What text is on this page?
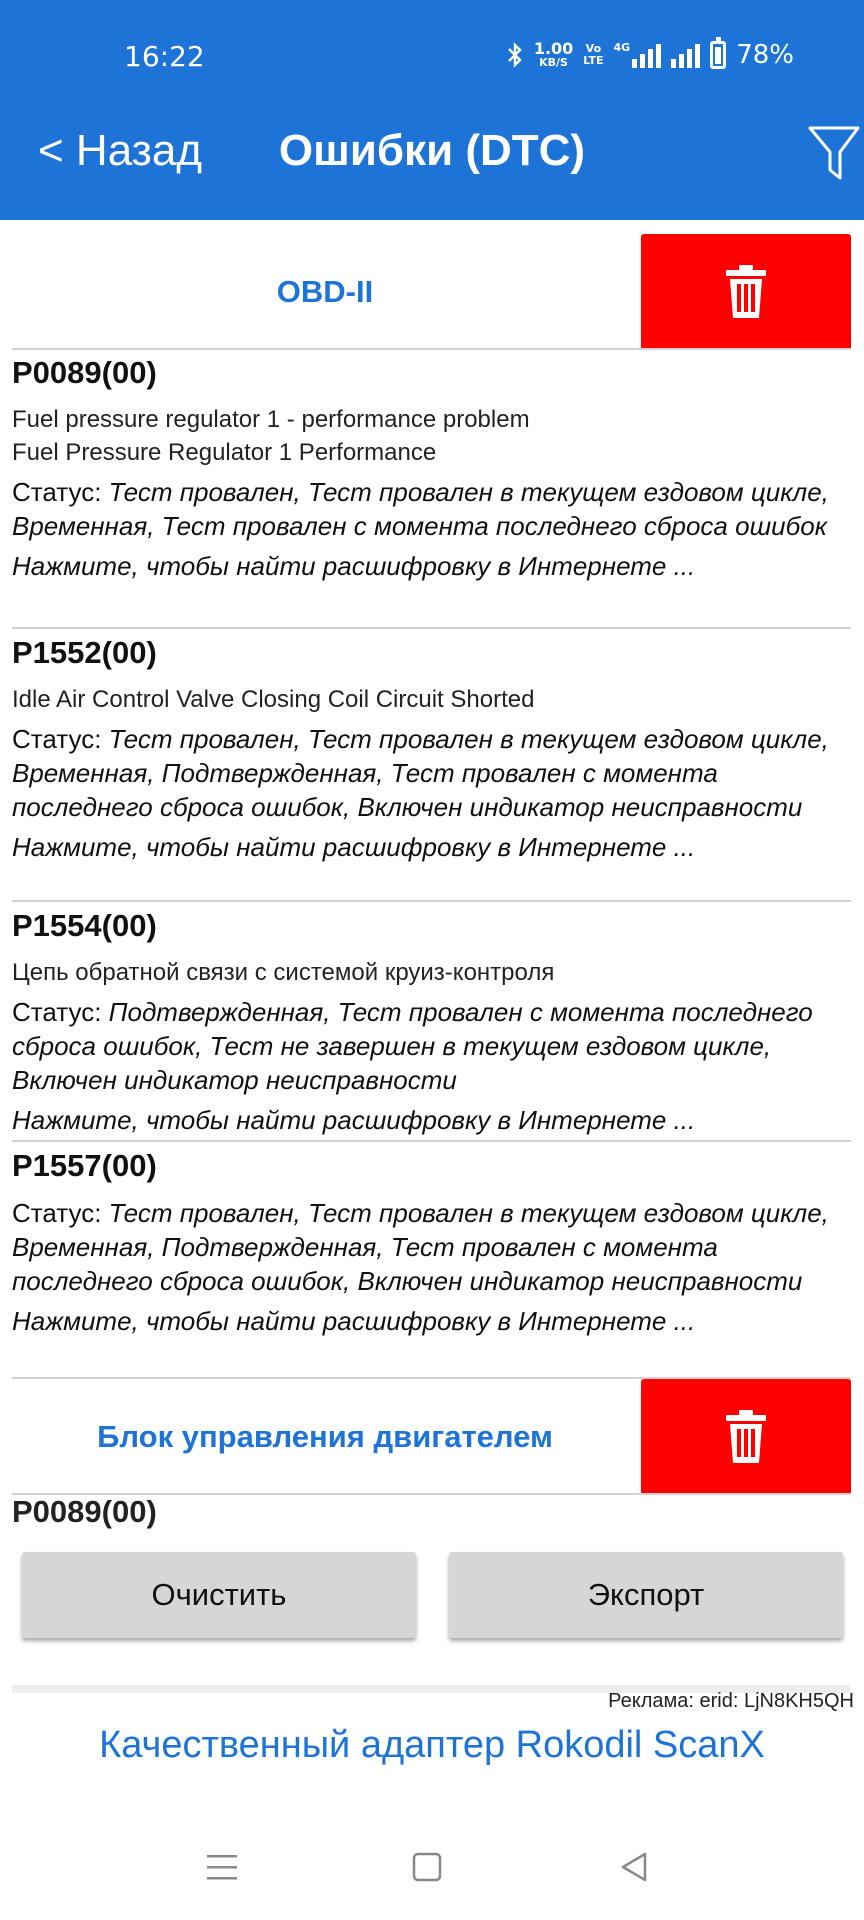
16:22	1.00
KB/S
Vo
LTE
4G	78%
< Назад	Ошибки (DTC)
OBD-II
P0089(00)
Fuel pressure regulator 1 - performance problem
Fuel Pressure Regulator 1 Performance
Статус: Тест провален, Тест провален в текущем ездовом цикле, Временная, Тест провален с момента последнего сброса ошибок
Нажмите, чтобы найти расшифровку в Интернете ...
P1552(00)
Idle Air Control Valve Closing Coil Circuit Shorted
Статус: Тест провален, Тест провален в текущем ездовом цикле, Временная, Подтвержденная, Тест провален с момента последнего сброса ошибок, Включен индикатор неисправности
Нажмите, чтобы найти расшифровку в Интернете ...
P1554(00)
Цепь обратной связи с системой круиз-контроля
Статус: Подтвержденная, Тест провален с момента последнего сброса ошибок, Тест не завершен в текущем ездовом цикле, Включен индикатор неисправности
Нажмите, чтобы найти расшифровку в Интернете ...
P1557(00)
Статус: Тест провален, Тест провален в текущем ездовом цикле, Временная, Подтвержденная, Тест провален с момента последнего сброса ошибок, Включен индикатор неисправности
Нажмите, чтобы найти расшифровку в Интернете ...
Блок управления двигателем
P0089(00)
Очистить	Экспорт
Реклама: erid: LjN8KH5QH
Качественный адаптер Rokodil ScanX
